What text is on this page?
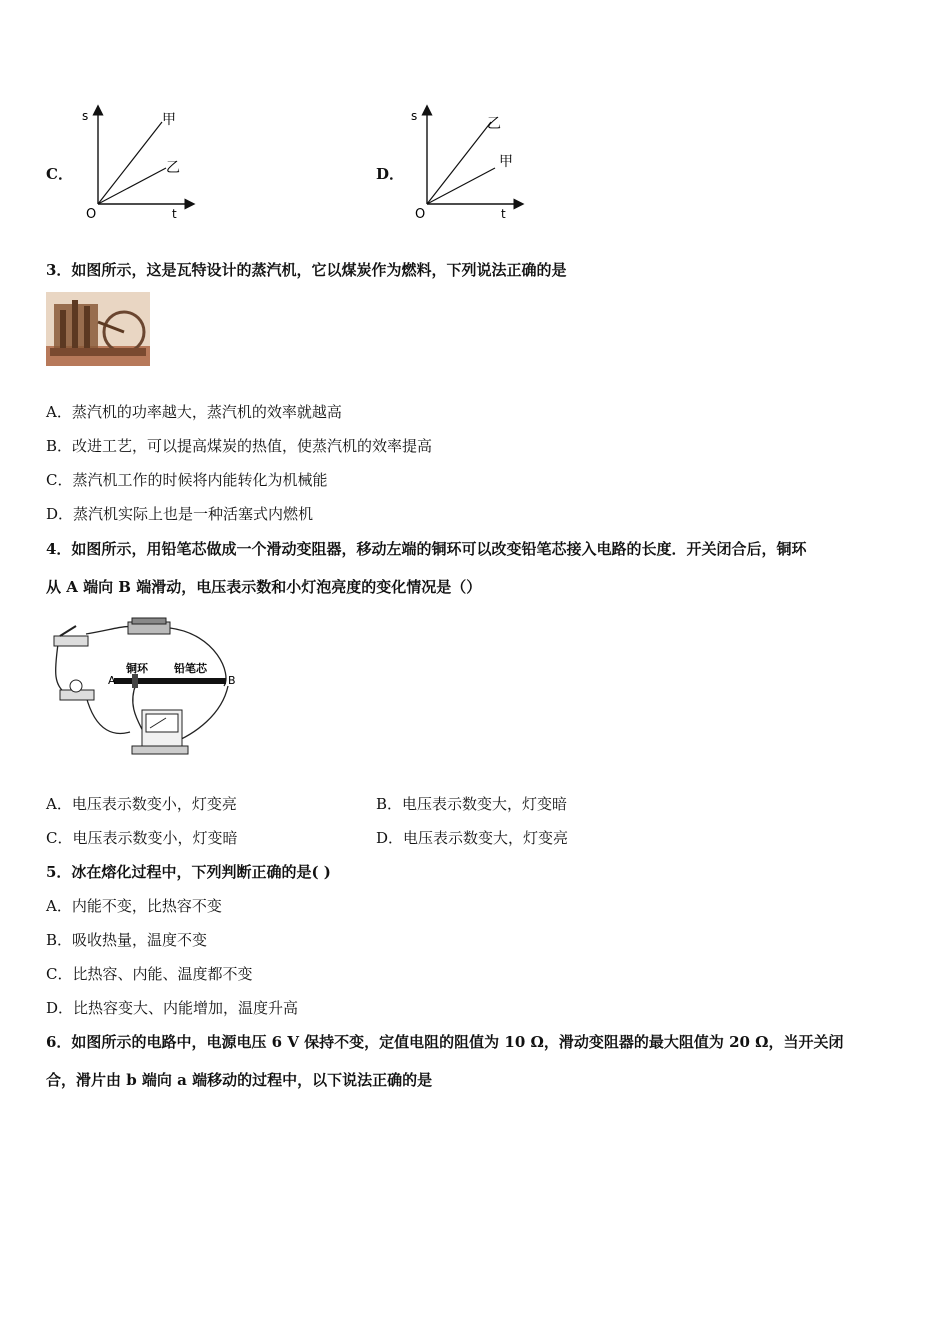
C．
s
t
O
甲
乙	D．
s
t
O
乙
甲
3．如图所示，这是瓦特设计的蒸汽机，它以煤炭作为燃料，下列说法正确的是
A．蒸汽机的功率越大，蒸汽机的效率就越高
B．改进工艺，可以提高煤炭的热值，使蒸汽机的效率提高
C．蒸汽机工作的时候将内能转化为机械能
D．蒸汽机实际上也是一种活塞式内燃机
4．如图所示，用铅笔芯做成一个滑动变阻器，移动左端的铜环可以改变铅笔芯接入电路的长度．开关闭合后，铜环
从 A 端向 B 端滑动，电压表示数和小灯泡亮度的变化情况是（）
A	B
铜环 铅笔芯
A．电压表示数变小，灯变亮	B．电压表示数变大，灯变暗
C．电压表示数变小，灯变暗	D．电压表示数变大，灯变亮
5．冰在熔化过程中，下列判断正确的是( )
A．内能不变，比热容不变
B．吸收热量，温度不变
C．比热容、内能、温度都不变
D．比热容变大、内能增加，温度升高
6．如图所示的电路中，电源电压 6 V 保持不变，定值电阻的阻值为 10 Ω，滑动变阻器的最大阻值为 20 Ω，当开关闭
合，滑片由 b 端向 a 端移动的过程中，以下说法正确的是
